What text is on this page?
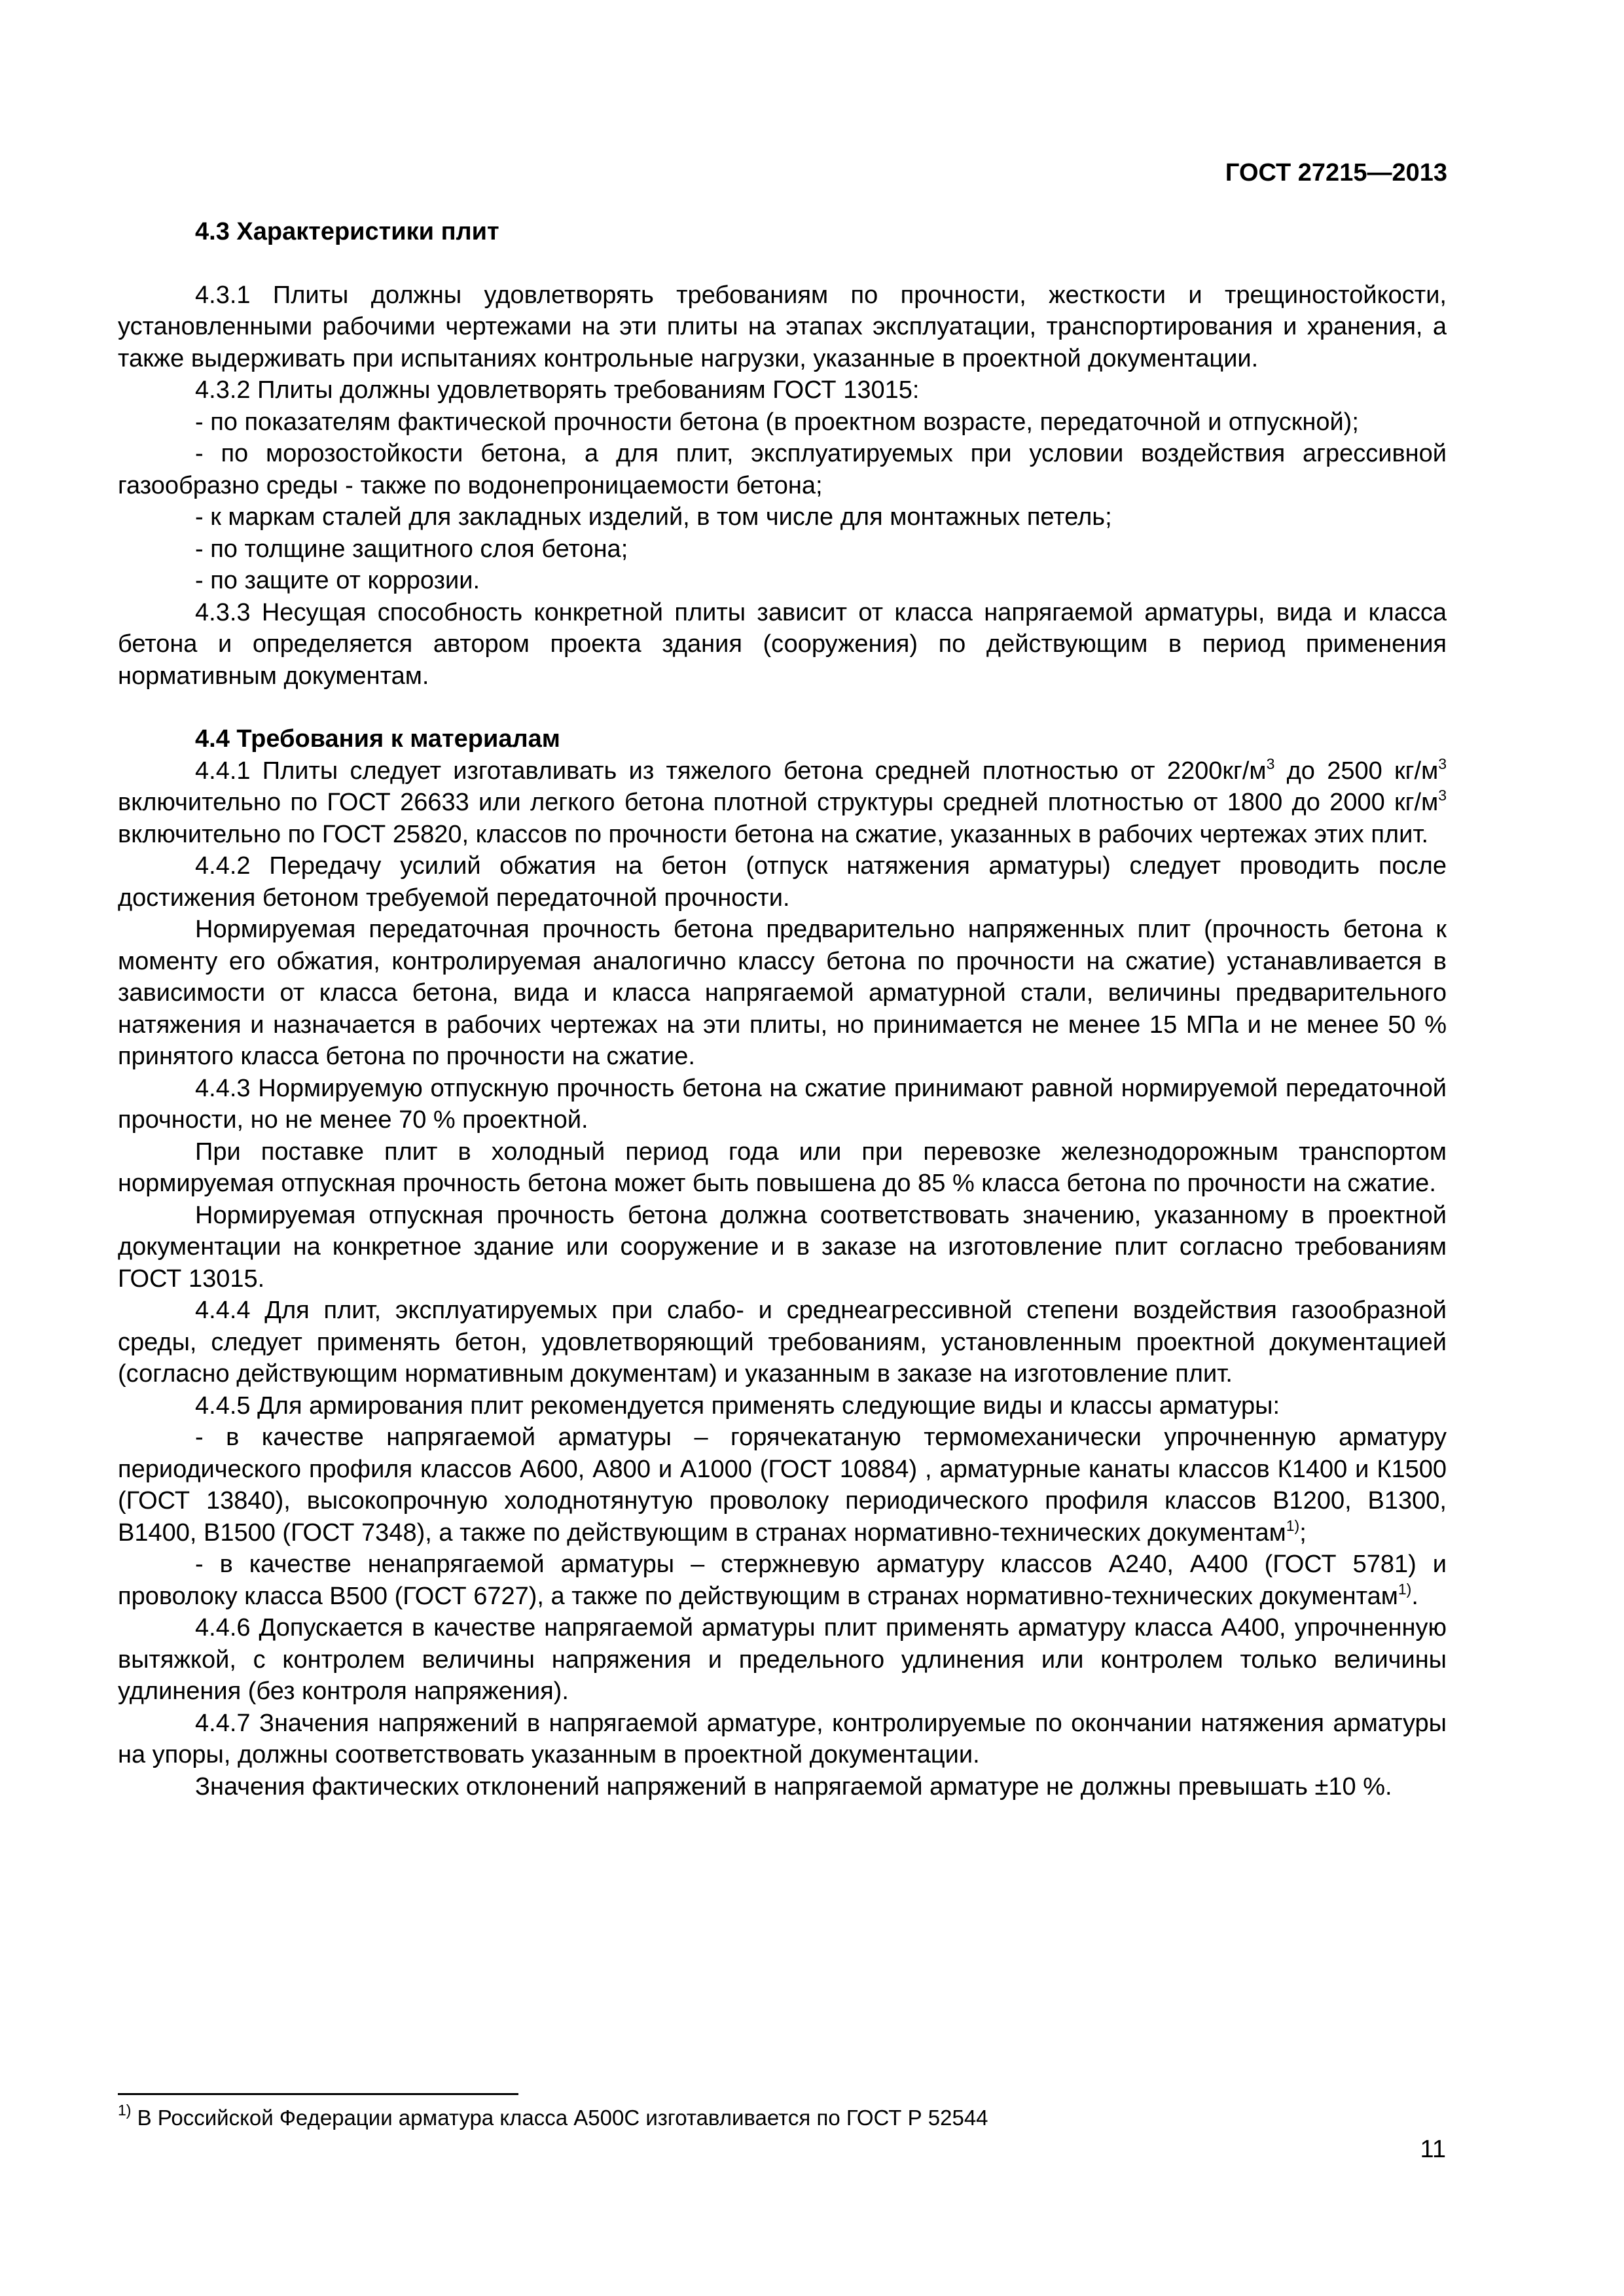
ГОСТ 27215—2013

4.3 Характеристики плит

4.3.1 Плиты должны удовлетворять требованиям по прочности, жесткости и трещиностойкости, установленными рабочими чертежами на эти плиты на этапах эксплуатации, транспортирования и хранения, а также выдерживать при испытаниях контрольные нагрузки, указанные в проектной документации.

4.3.2 Плиты должны удовлетворять требованиям ГОСТ 13015:

- по показателям фактической прочности бетона (в проектном возрасте, передаточной и отпускной);

- по морозостойкости бетона, а для плит, эксплуатируемых при условии воздействия агрессивной газообразно среды - также по водонепроницаемости бетона;

- к маркам сталей для закладных изделий, в том числе для монтажных петель;

- по толщине защитного слоя бетона;

- по защите от коррозии.

4.3.3 Несущая способность конкретной плиты зависит от класса напрягаемой арматуры, вида и класса бетона и определяется автором проекта здания (сооружения) по действующим в период применения нормативным документам.

4.4 Требования к материалам

4.4.1 Плиты следует изготавливать из тяжелого бетона средней плотностью от $2200кг/м^3$ до 2500 $кг/м^3$ включительно по ГОСТ 26633 или легкого бетона плотной структуры средней плотностью от 1800 до 2000 $кг/м^3$ включительно по ГОСТ 25820, классов по прочности бетона на сжатие, указанных в рабочих чертежах этих плит.

4.4.2 Передачу усилий обжатия на бетон (отпуск натяжения арматуры) следует проводить после достижения бетоном требуемой передаточной прочности.

Нормируемая передаточная прочность бетона предварительно напряженных плит (прочность бетона к моменту его обжатия, контролируемая аналогично классу бетона по прочности на сжатие) устанавливается в зависимости от класса бетона, вида и класса напрягаемой арматурной стали, величины предварительного натяжения и назначается в рабочих чертежах на эти плиты, но принимается не менее 15 МПа и не менее 50 % принятого класса бетона по прочности на сжатие.

4.4.3 Нормируемую отпускную прочность бетона на сжатие принимают равной нормируемой передаточной прочности, но не менее 70 % проектной.

При поставке плит в холодный период года или при перевозке железнодорожным транспортом нормируемая отпускная прочность бетона может быть повышена до 85 % класса бетона по прочности на сжатие.

Нормируемая отпускная прочность бетона должна соответствовать значению, указанному в проектной документации на конкретное здание или сооружение и в заказе на изготовление плит согласно требованиям ГОСТ 13015.

4.4.4 Для плит, эксплуатируемых при слабо- и среднеагрессивной степени воздействия газообразной среды, следует применять бетон, удовлетворяющий требованиям, установленным проектной документацией (согласно действующим нормативным документам) и указанным в заказе на изготовление плит.

4.4.5 Для армирования плит рекомендуется применять следующие виды и классы арматуры:

- в качестве напрягаемой арматуры – горячекатаную термомеханически упрочненную арматуру периодического профиля классов А600, А800 и А1000 (ГОСТ 10884) , арматурные канаты классов К1400 и К1500 (ГОСТ 13840), высокопрочную холоднотянутую проволоку периодического профиля классов В1200, В1300, В1400, В1500 (ГОСТ 7348), а также по действующим в странах нормативно-технических документам$^{1)}$;

- в качестве ненапрягаемой арматуры – стержневую арматуру классов А240, А400 (ГОСТ 5781) и проволоку класса В500 (ГОСТ 6727), а также по действующим в странах нормативно-технических документам$^{1)}$.

4.4.6 Допускается в качестве напрягаемой арматуры плит применять арматуру класса А400, упрочненную вытяжкой, с контролем величины напряжения и предельного удлинения или контролем только величины удлинения (без контроля напряжения).

4.4.7 Значения напряжений в напрягаемой арматуре, контролируемые по окончании натяжения арматуры на упоры, должны соответствовать указанным в проектной документации.

Значения фактических отклонений напряжений в напрягаемой арматуре не должны превышать ±10 %.

$^{1)}$ В Российской Федерации арматура класса А500С изготавливается по ГОСТ Р 52544
11
